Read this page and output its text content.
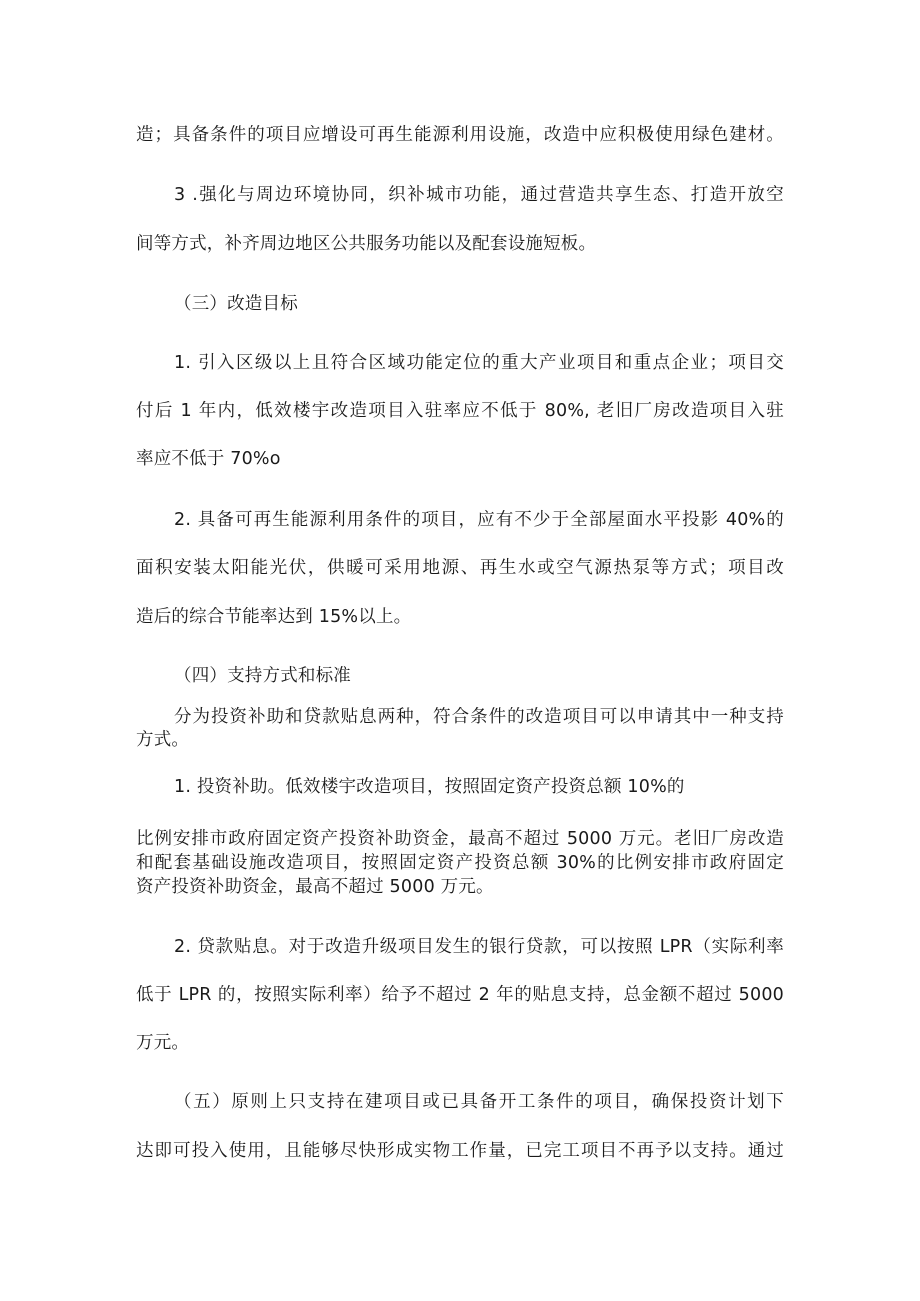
造；具备条件的项目应增设可再生能源利用设施，改造中应积极使用绿色建材。
3 .强化与周边环境协同，织补城市功能，通过营造共享生态、打造开放空
间等方式，补齐周边地区公共服务功能以及配套设施短板。
（三）改造目标
1. 引入区级以上且符合区域功能定位的重大产业项目和重点企业；项目交
付后 1 年内，低效楼宇改造项目入驻率应不低于 80%, 老旧厂房改造项目入驻
率应不低于 70%o
2. 具备可再生能源利用条件的项目，应有不少于全部屋面水平投影 40%的
面积安装太阳能光伏，供暖可采用地源、再生水或空气源热泵等方式；项目改
造后的综合节能率达到 15%以上。
（四）支持方式和标准
分为投资补助和贷款贴息两种，符合条件的改造项目可以申请其中一种支持
方式。
1. 投资补助。低效楼宇改造项目，按照固定资产投资总额 10%的
比例安排市政府固定资产投资补助资金，最高不超过 5000 万元。老旧厂房改造
和配套基础设施改造项目，按照固定资产投资总额 30%的比例安排市政府固定
资产投资补助资金，最高不超过 5000 万元。
2. 贷款贴息。对于改造升级项目发生的银行贷款，可以按照 LPR（实际利率
低于 LPR 的，按照实际利率）给予不超过 2 年的贴息支持，总金额不超过 5000
万元。
（五）原则上只支持在建项目或已具备开工条件的项目，确保投资计划下
达即可投入使用，且能够尽快形成实物工作量，已完工项目不再予以支持。通过
